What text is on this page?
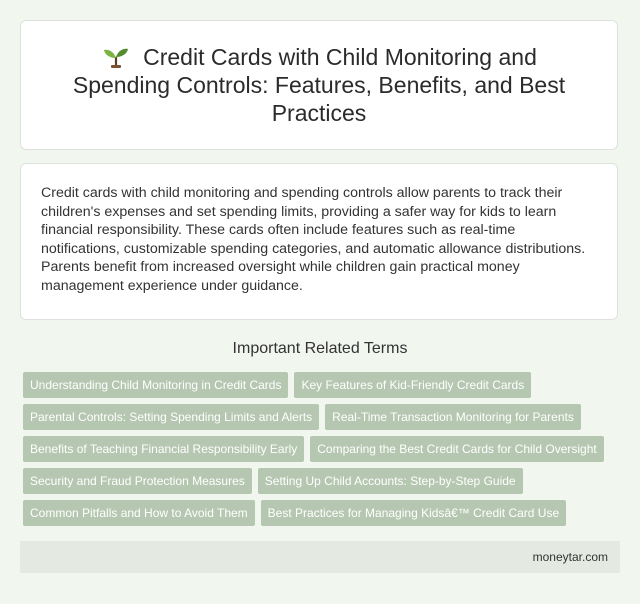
Credit Cards with Child Monitoring and Spending Controls: Features, Benefits, and Best Practices

Credit cards with child monitoring and spending controls allow parents to track their children's expenses and set spending limits, providing a safer way for kids to learn financial responsibility. These cards often include features such as real-time notifications, customizable spending categories, and automatic allowance distributions. Parents benefit from increased oversight while children gain practical money management experience under guidance.

Important Related Terms
Understanding Child Monitoring in Credit Cards	Key Features of Kid-Friendly Credit Cards
Parental Controls: Setting Spending Limits and Alerts	Real-Time Transaction Monitoring for Parents
Benefits of Teaching Financial Responsibility Early	Comparing the Best Credit Cards for Child Oversight
Security and Fraud Protection Measures	Setting Up Child Accounts: Step-by-Step Guide
Common Pitfalls and How to Avoid Them	Best Practices for Managing Kidsâ€™ Credit Card Use
moneytar.com
